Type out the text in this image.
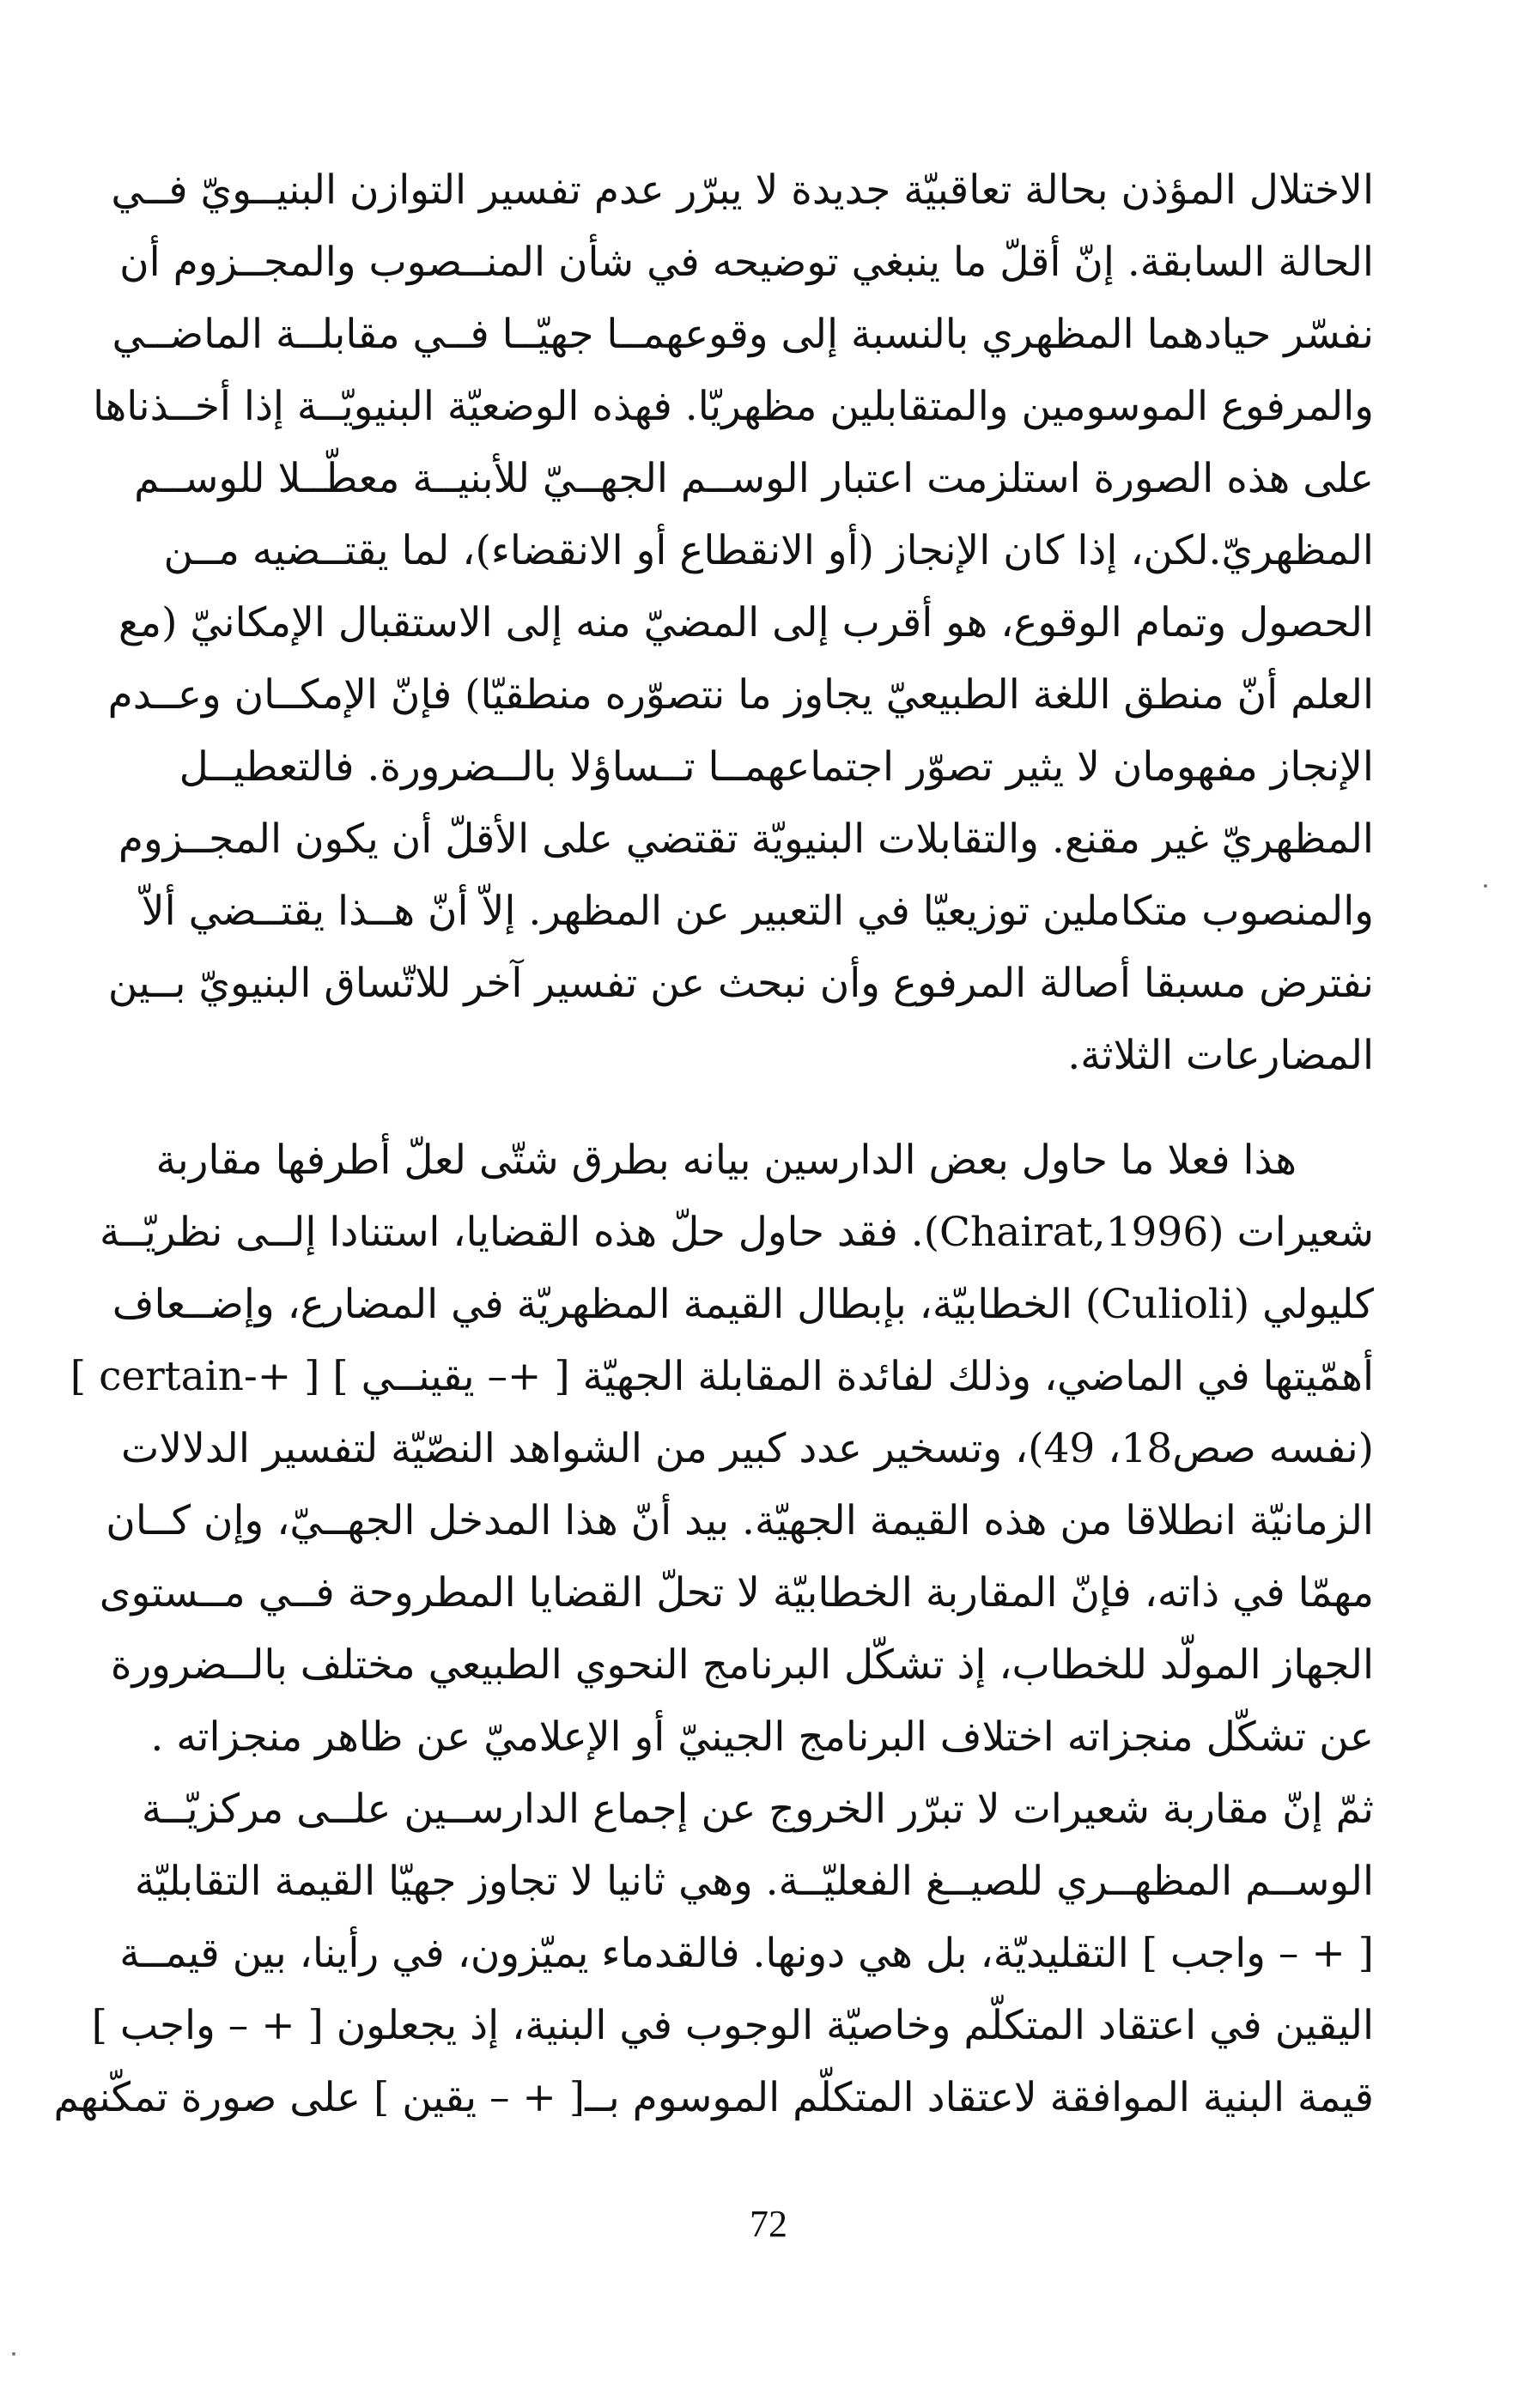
الاختلال المؤذن بحالة تعاقبيّة جديدة لا يبرّر عدم تفسير التوازن البنيــويّ فــي
الحالة السابقة. إنّ أقلّ ما ينبغي توضيحه في شأن المنــصوب والمجــزوم أن
نفسّر حيادهما المظهري بالنسبة إلى وقوعهمــا جهيّــا فــي مقابلــة الماضــي
والمرفوع الموسومين والمتقابلين مظهريّا. فهذه الوضعيّة البنيويّــة إذا أخــذناها
على هذه الصورة استلزمت اعتبار الوســم الجهــيّ للأبنيــة معطّــلا للوســم
المظهريّ.لكن، إذا كان الإنجاز (أو الانقطاع أو الانقضاء)، لما يقتــضيه مــن
الحصول وتمام الوقوع، هو أقرب إلى المضيّ منه إلى الاستقبال الإمكانيّ (مع
العلم أنّ منطق اللغة الطبيعيّ يجاوز ما نتصوّره منطقيّا) فإنّ الإمكــان وعــدم
الإنجاز مفهومان لا يثير تصوّر اجتماعهمــا تــساؤلا بالــضرورة. فالتعطيــل
المظهريّ غير مقنع. والتقابلات البنيويّة تقتضي على الأقلّ أن يكون المجــزوم
والمنصوب متكاملين توزيعيّا في التعبير عن المظهر. إلاّ أنّ هــذا يقتــضي ألاّ
نفترض مسبقا أصالة المرفوع وأن نبحث عن تفسير آخر للاتّساق البنيويّ بــين
المضارعات الثلاثة.
هذا فعلا ما حاول بعض الدارسين بيانه بطرق شتّى لعلّ أطرفها مقاربة
شعيرات (Chairat,1996). فقد حاول حلّ هذه القضايا، استنادا إلــى نظريّــة
كليولي (Culioli) الخطابيّة، بإبطال القيمة المظهريّة في المضارع، وإضــعاف
أهمّيتها في الماضي، وذلك لفائدة المقابلة الجهيّة [ +– يقينــي ] [ +-certain ]
(نفسه صص18، 49)، وتسخير عدد كبير من الشواهد النصّيّة لتفسير الدلالات
الزمانيّة انطلاقا من هذه القيمة الجهيّة. بيد أنّ هذا المدخل الجهــيّ، وإن كــان
مهمّا في ذاته، فإنّ المقاربة الخطابيّة لا تحلّ القضايا المطروحة فــي مــستوى
الجهاز المولّد للخطاب، إذ تشكّل البرنامج النحوي الطبيعي مختلف بالــضرورة
عن تشكّل منجزاته اختلاف البرنامج الجينيّ أو الإعلاميّ عن ظاهر منجزاته .
ثمّ إنّ مقاربة شعيرات لا تبرّر الخروج عن إجماع الدارســين علــى مركزيّــة
الوســم المظهــري للصيــغ الفعليّــة. وهي ثانيا لا تجاوز جهيّا القيمة التقابليّة
[ + – واجب ] التقليديّة، بل هي دونها. فالقدماء يميّزون، في رأينا، بين قيمــة
اليقين في اعتقاد المتكلّم وخاصيّة الوجوب في البنية، إذ يجعلون [ + – واجب ]
قيمة البنية الموافقة لاعتقاد المتكلّم الموسوم بــ[ + – يقين ] على صورة تمكّنهم
72
